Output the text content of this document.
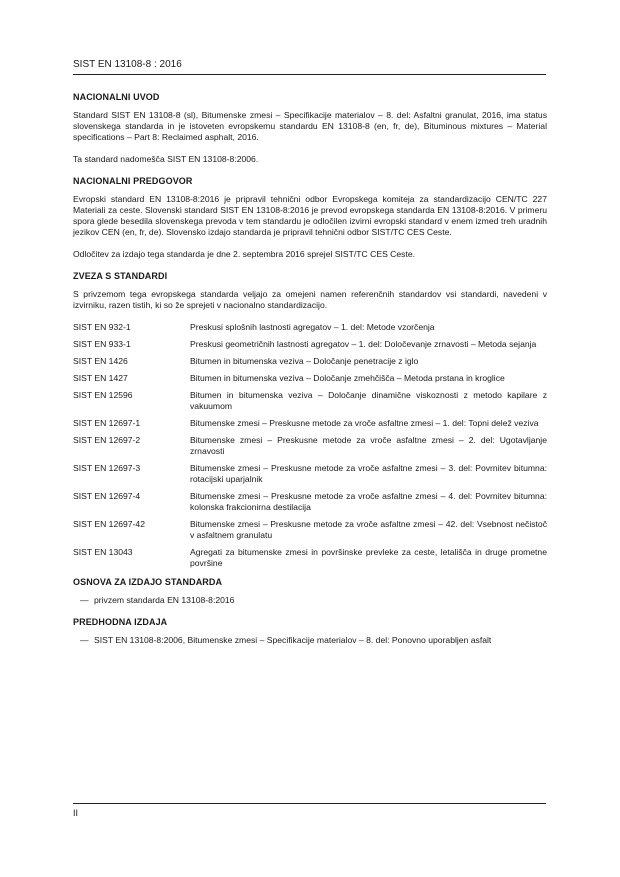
SIST EN 13108-8 : 2016
NACIONALNI UVOD

Standard SIST EN 13108-8 (sl), Bitumenske zmesi – Specifikacije materialov – 8. del: Asfaltni granulat, 2016, ima status slovenskega standarda in je istoveten evropskemu standardu EN 13108-8 (en, fr, de), Bituminous mixtures – Material specifications – Part 8: Reclaimed asphalt, 2016.

Ta standard nadomešča SIST EN 13108-8:2006.

NACIONALNI PREDGOVOR

Evropski standard EN 13108-8:2016 je pripravil tehnični odbor Evropskega komiteja za standardizacijo CEN/TC 227 Materiali za ceste. Slovenski standard SIST EN 13108-8:2016 je prevod evropskega standarda EN 13108-8:2016. V primeru spora glede besedila slovenskega prevoda v tem standardu je odločilen izvirni evropski standard v enem izmed treh uradnih jezikov CEN (en, fr, de). Slovensko izdajo standarda je pripravil tehnični odbor SIST/TC CES Ceste.

Odločitev za izdajo tega standarda je dne 2. septembra 2016 sprejel SIST/TC CES Ceste.

ZVEZA S STANDARDI

S privzemom tega evropskega standarda veljajo za omejeni namen referenčnih standardov vsi standardi, navedeni v izvirniku, razen tistih, ki so že sprejeti v nacionalno standardizacijo.

SIST EN 932-1	Preskusi splošnih lastnosti agregatov – 1. del: Metode vzorčenja
SIST EN 933-1	Preskusi geometričnih lastnosti agregatov – 1. del: Določevanje zrnavosti – Metoda sejanja
SIST EN 1426	Bitumen in bitumenska veziva – Določanje penetracije z iglo
SIST EN 1427	Bitumen in bitumenska veziva – Določanje zmehčišča – Metoda prstana in kroglice
SIST EN 12596	Bitumen in bitumenska veziva – Določanje dinamične viskoznosti z metodo kapilare z vakuumom
SIST EN 12697-1	Bitumenske zmesi – Preskusne metode za vroče asfaltne zmesi – 1. del: Topni delež veziva
SIST EN 12697-2	Bitumenske zmesi – Preskusne metode za vroče asfaltne zmesi – 2. del: Ugotavljanje zrnavosti
SIST EN 12697-3	Bitumenske zmesi – Preskusne metode za vroče asfaltne zmesi – 3. del: Povrnitev bitumna: rotacijski uparjalnik
SIST EN 12697-4	Bitumenske zmesi – Preskusne metode za vroče asfaltne zmesi – 4. del: Povrnitev bitumna: kolonska frakcionirna destilacija
SIST EN 12697-42	Bitumenske zmesi – Preskusne metode za vroče asfaltne zmesi – 42. del: Vsebnost nečistoč v asfaltnem granulatu
SIST EN 13043	Agregati za bitumenske zmesi in površinske prevleke za ceste, letališča in druge prometne površine
OSNOVA ZA IZDAJO STANDARDA
— privzem standarda EN 13108-8:2016
PREDHODNA IZDAJA
— SIST EN 13108-8:2006, Bitumenske zmesi – Specifikacije materialov – 8. del: Ponovno uporabljen asfalt
II
